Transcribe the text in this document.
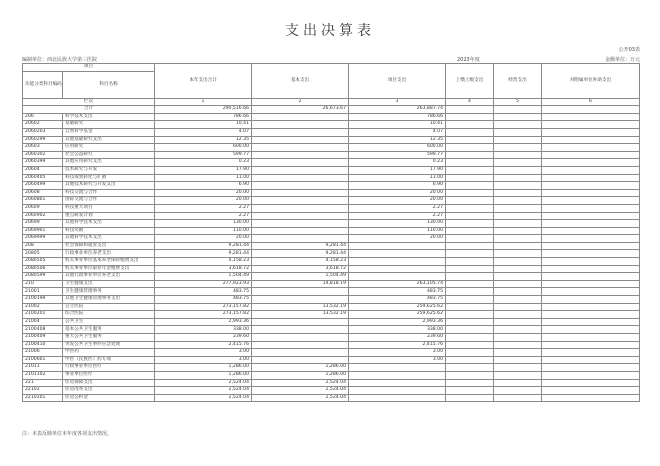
支出决算表
公开03表
编制单位：西北民族大学第三医院	2023年度	金额单位：万元
项目		本年支出合计	基本支出	项目支出	上缴上级支出	经营支出	对附属单位补助支出
功能分类科目编码	科目名称						
栏次		1	2	3	4	5	6
合计		290,516.66	26,673.67	263,887.74			
206	科学技术支出	786.66		786.66			
20602	基础研究	10.41		10.41			
2060203	自然科学基金	4.07		4.07			
2060299	其他基础研究支出	12.35		12.35			
20603	应用研究	600.00		600.00			
2060302	社会公益研究	599.77		599.77			
2060399	其他应用研究支出	0.23		0.23			
20604	技术研究与开发	17.90		17.90			
2060405	科技成果转化与扩散	11.00		11.00			
2060499	其他技术研究与开发支出	6.90		6.90			
20608	科技交流与合作	20.00		20.00			
2060801	国际交流与合作	20.00		20.00			
20609	科技重大项目	2.27		2.27			
2060902	重点研发计划	2.27		2.27			
20699	其他科学技术支出	130.00		130.00			
2069901	科技奖励	110.00		110.00			
2069999	其他科学技术支出	20.00		20.00			
208	社会保障和就业支出	9,281.44	9,281.44				
20805	行政事业单位养老支出	9,281.44	9,281.44				
2080505	机关事业单位基本养老保险缴费支出	4,158.23	4,158.23				
2080506	机关事业单位职业年金缴费支出	3,618.72	3,618.72				
2080599	其他行政事业单位养老支出	1,504.49	1,504.49				
210	卫生健康支出	277,923.93	14,818.19	263,105.74			
21001	卫生健康管理事务	483.75		483.75			
2100199	其他卫生健康管理事务支出	483.75		483.75			
21002	公立医院	273,157.82	13,532.19	259,625.62			
2100201	综合医院	273,157.82	13,532.19	259,625.62			
21004	公共卫生	2,993.36		2,993.36			
2100408	基本公共卫生服务	338.00		338.00			
2100409	重大公共卫生服务	239.60		239.60			
2100410	突发公共卫生事件应急处理	2,415.76		2,415.76			
21006	中医药	3.00		3.00			
2100601	中医（民族医）药专项	3.00		3.00			
21011	行政事业单位医疗	1,286.00	1,286.00				
2101102	事业单位医疗	1,286.00	1,286.00				
221	住房保障支出	2,524.04	2,524.04				
22102	住房改革支出	2,524.04	2,524.04				
2210201	住房公积金	2,524.04	2,524.04				
注：本表反映单位本年度各项支出情况。
